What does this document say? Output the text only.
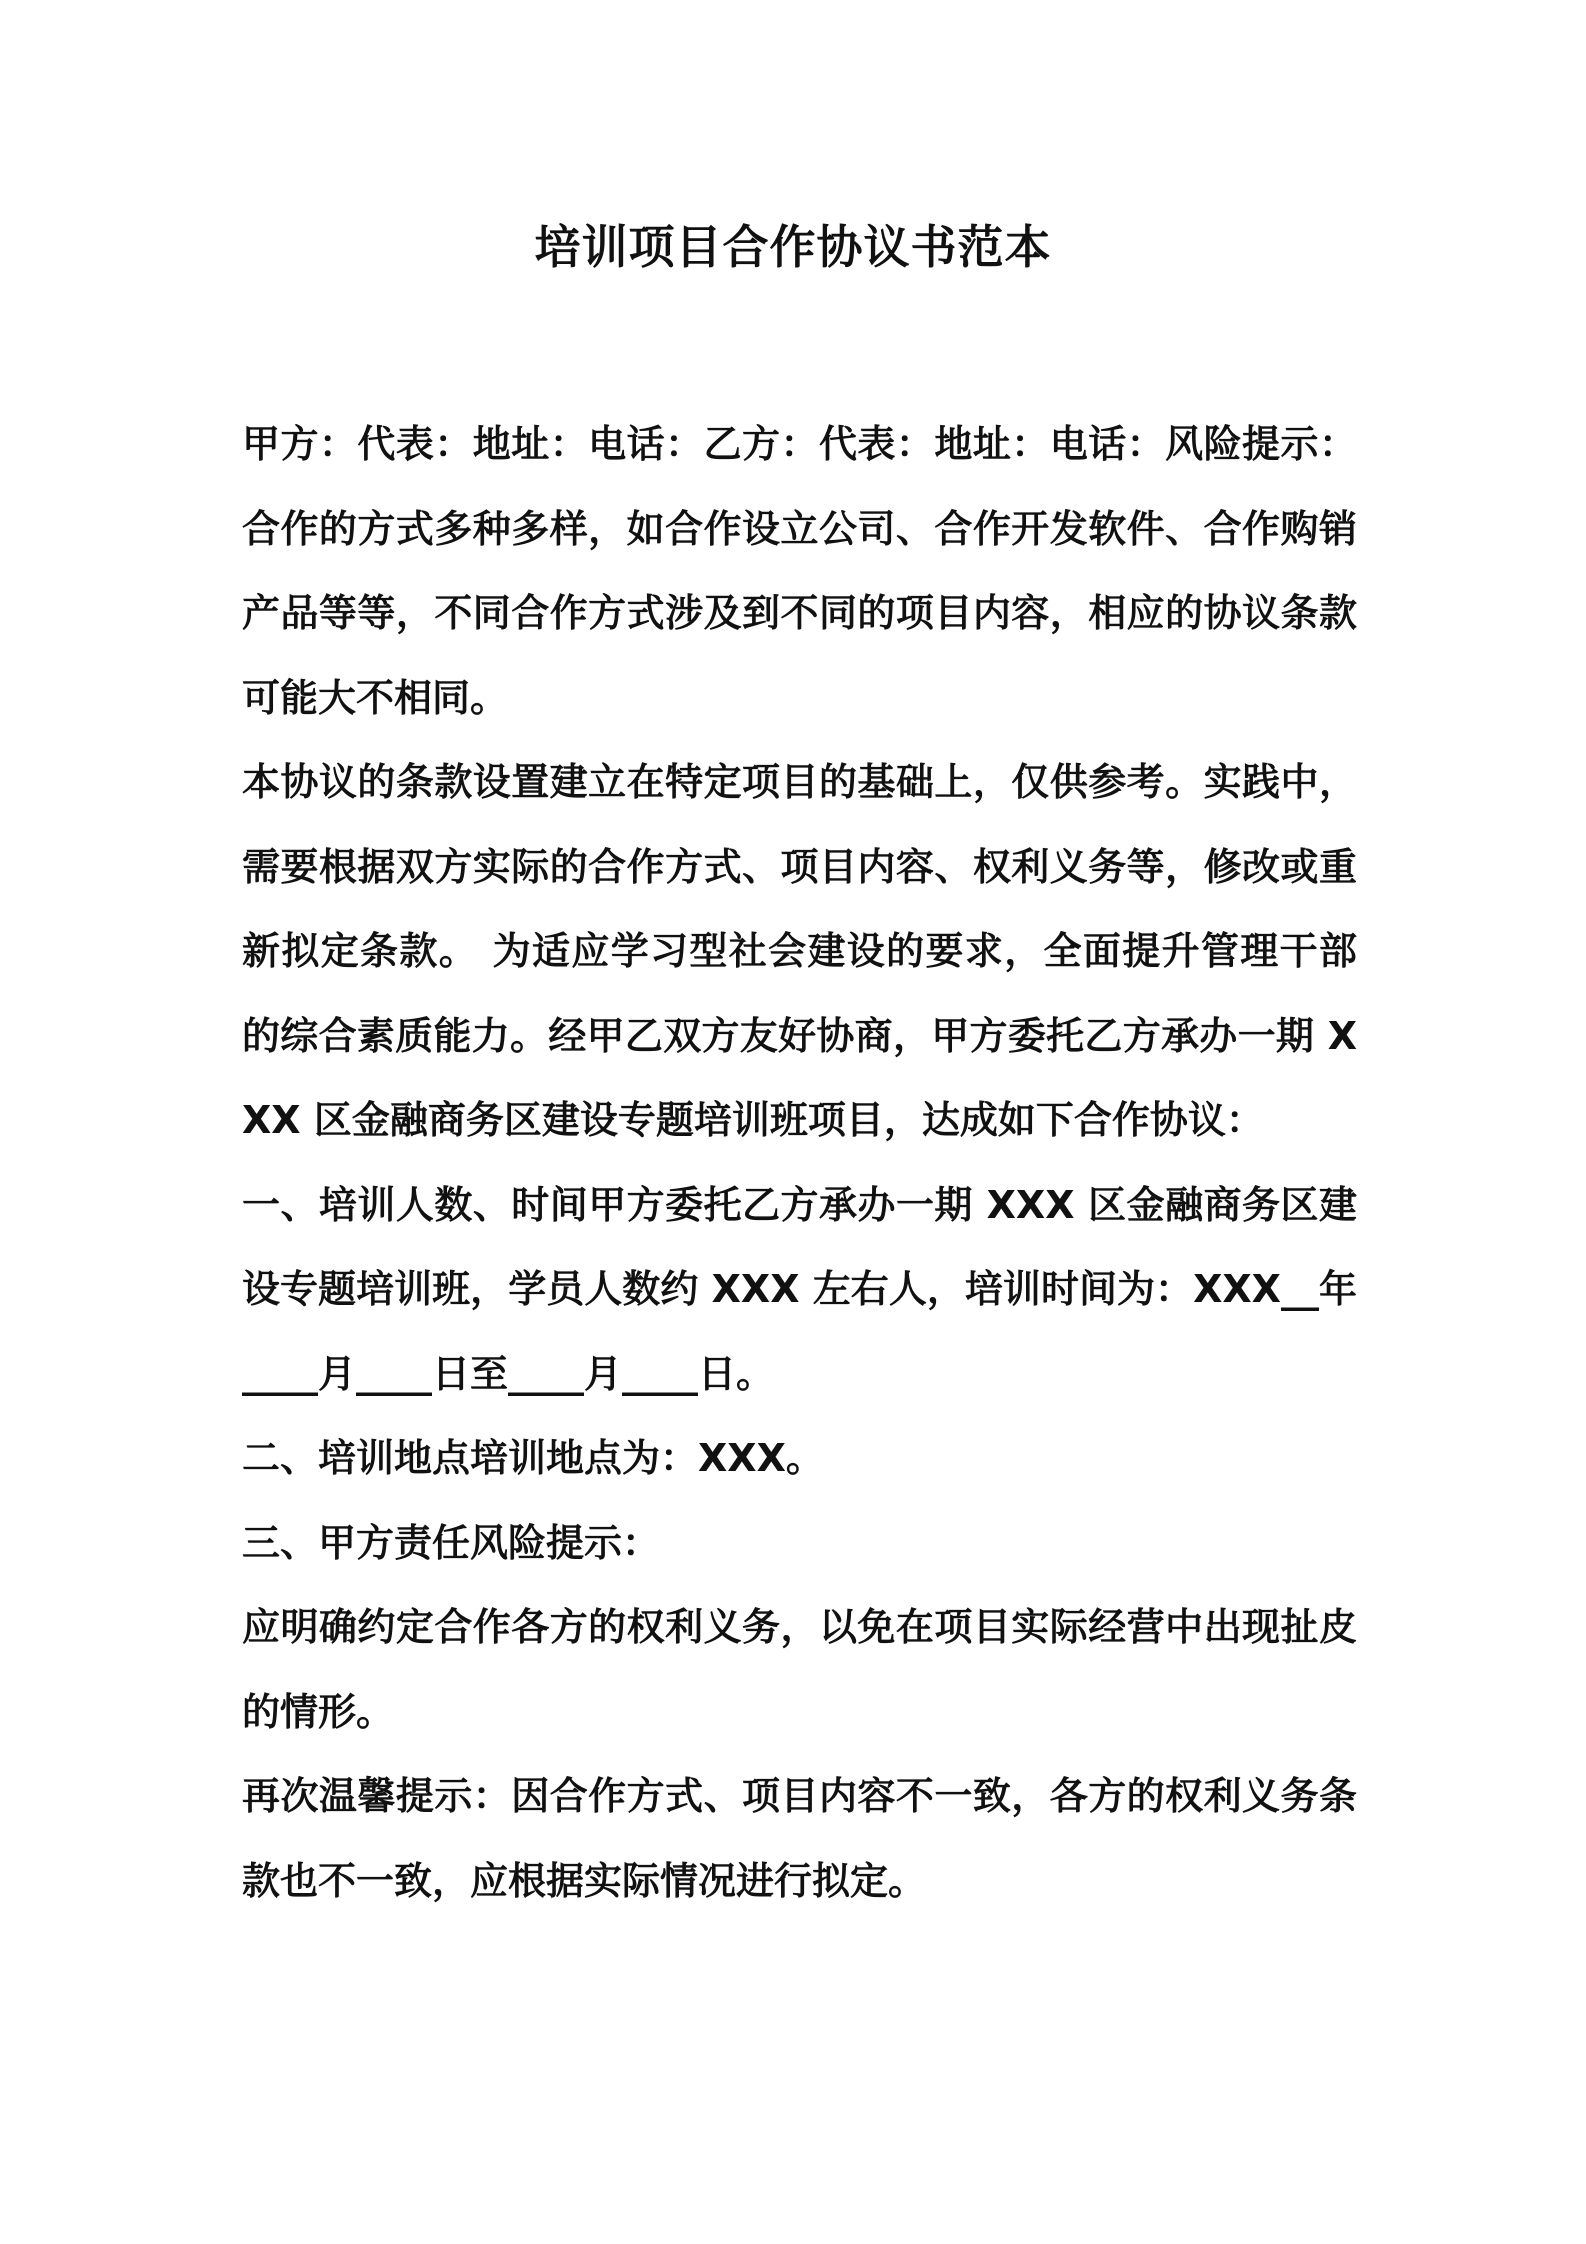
培训项目合作协议书范本

甲方：代表：地址：电话：乙方：代表：地址：电话：风险提示：合作的方式多种多样，如合作设立公司、合作开发软件、合作购销产品等等，不同合作方式涉及到不同的项目内容，相应的协议条款可能大不相同。

本协议的条款设置建立在特定项目的基础上，仅供参考。实践中，需要根据双方实际的合作方式、项目内容、权利义务等，修改或重新拟定条款。 为适应学习型社会建设的要求，全面提升管理干部的综合素质能力。经甲乙双方友好协商，甲方委托乙方承办一期 XXX 区金融商务区建设专题培训班项目，达成如下合作协议：

一、培训人数、时间甲方委托乙方承办一期 XXX 区金融商务区建设专题培训班，学员人数约 XXX 左右人，培训时间为：XXX__年____月____日至____月____日。

二、培训地点培训地点为：XXX。

三、甲方责任风险提示：

应明确约定合作各方的权利义务，以免在项目实际经营中出现扯皮的情形。

再次温馨提示：因合作方式、项目内容不一致，各方的权利义务条款也不一致，应根据实际情况进行拟定。
